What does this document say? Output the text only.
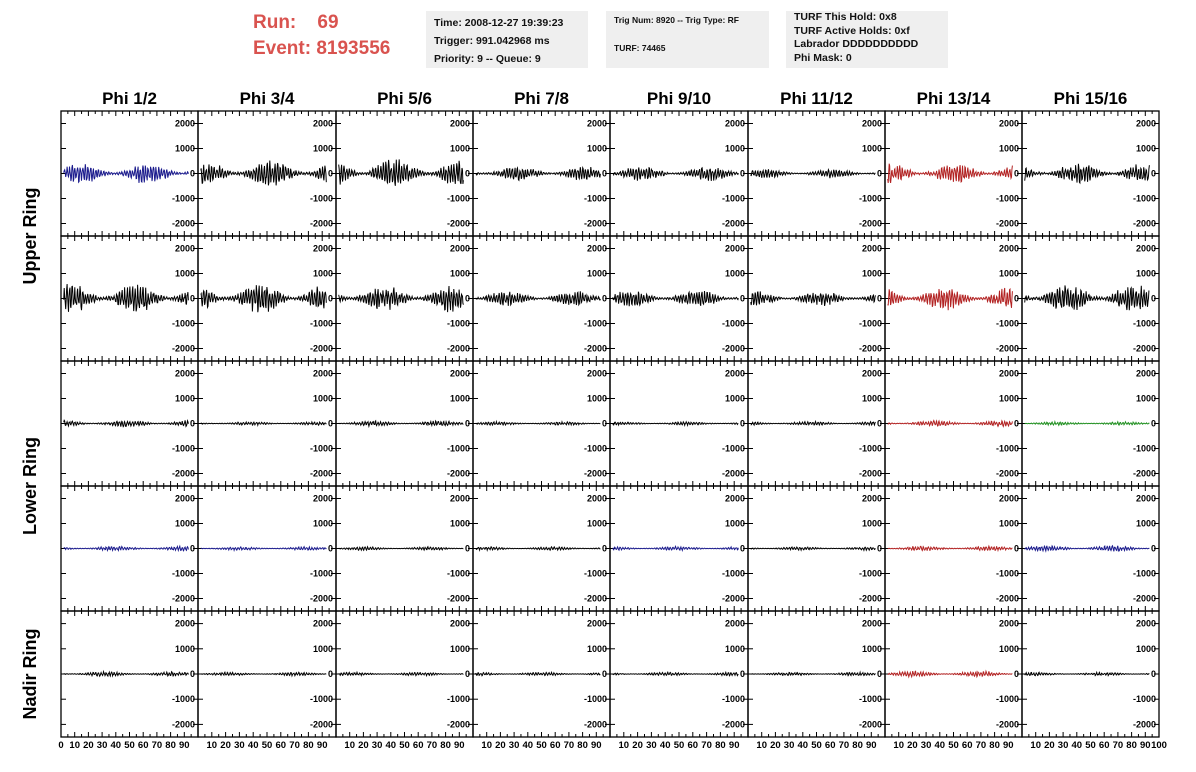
Run: 69
Event: 8193556
Time: 2008-12-27 19:39:23
Trigger: 991.042968 ms
Priority: 9 -- Queue: 9
Trig Num: 8920 -- Trig Type: RF

TURF: 74465
TURF This Hold: 0x8
TURF Active Holds: 0xf
Labrador DDDDDDDDDD
Phi Mask: 0
Phi 1/2	Phi 3/4	Phi 5/6	Phi 7/8	Phi 9/10	Phi 11/12	Phi 13/14	Phi 15/16
Upper Ring
Lower Ring
Nadir Ring
-2000
-1000
0
1000
2000
-2000
-1000
0
1000
2000
-2000
-1000
0
1000
2000
-2000
-1000
0
1000
2000
-2000
-1000
0
1000
2000
-2000
-1000
0
1000
2000
-2000
-1000
0
1000
2000
-2000
-1000
0
1000
2000
-2000
-1000
0
1000
2000
-2000
-1000
0
1000
2000
-2000
-1000
0
1000
2000
-2000
-1000
0
1000
2000
-2000
-1000
0
1000
2000
-2000
-1000
0
1000
2000
-2000
-1000
0
1000
2000
-2000
-1000
0
1000
2000
-2000
-1000
0
1000
2000
-2000
-1000
0
1000
2000
-2000
-1000
0
1000
2000
-2000
-1000
0
1000
2000
-2000
-1000
0
1000
2000
-2000
-1000
0
1000
2000
-2000
-1000
0
1000
2000
-2000
-1000
0
1000
2000
-2000
-1000
0
1000
2000
-2000
-1000
0
1000
2000
-2000
-1000
0
1000
2000
-2000
-1000
0
1000
2000
-2000
-1000
0
1000
2000
-2000
-1000
0
1000
2000
-2000
-1000
0
1000
2000
-2000
-1000
0
1000
2000
-2000
-1000
0
1000
2000
-2000
-1000
0
1000
2000
-2000
-1000
0
1000
2000
-2000
-1000
0
1000
2000
-2000
-1000
0
1000
2000
-2000
-1000
0
1000
2000
-2000
-1000
0
1000
2000
-2000
-1000
0
1000
2000
0 10 20 30 40 50 60 70 80 90 10 20 30 40 50 60 70 80 90 10 20 30 40 50 60 70 80 90 10 20 30 40 50 60 70 80 90 10 20 30 40 50 60 70 80 90 10 20 30 40 50 60 70 80 90 10 20 30 40 50 60 70 80 90 10 20 30 40 50 60 70 80 90 100
